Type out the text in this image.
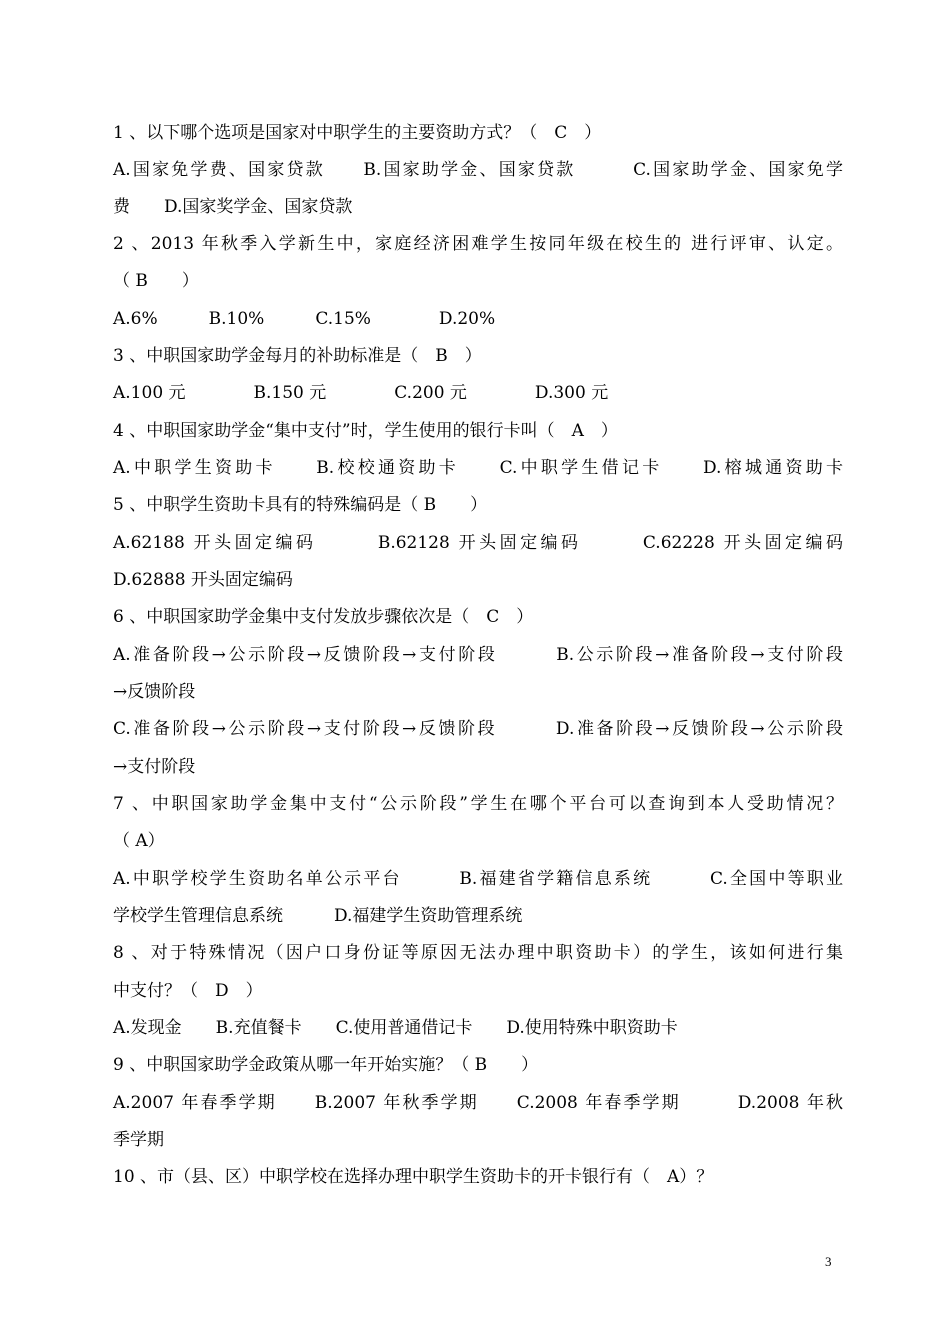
1 、以下哪个选项是国家对中职学生的主要资助方式？（　C　）
A.国家免学费、国家贷款　　B.国家助学金、国家贷款　　　C.国家助学金、国家免学
费　　D.国家奖学金、国家贷款
2 、2013 年秋季入学新生中，家庭经济困难学生按同年级在校生的 进行评审、认定。
（ B　　）
A.6%　　　B.10%　　　C.15%　　　　D.20%
3 、中职国家助学金每月的补助标准是（　B　）
A.100 元　　　　B.150 元　　　　C.200 元　　　　D.300 元
4 、中职国家助学金“集中支付”时，学生使用的银行卡叫（　A　）
A.中职学生资助卡　　B.校校通资助卡　　C.中职学生借记卡　　D.榕城通资助卡
5 、中职学生资助卡具有的特殊编码是（ B　　）
A.62188 开头固定编码　　　B.62128 开头固定编码　　　C.62228 开头固定编码
D.62888 开头固定编码
6 、中职国家助学金集中支付发放步骤依次是（　C　）
A.准备阶段→公示阶段→反馈阶段→支付阶段　　　B.公示阶段→准备阶段→支付阶段
→反馈阶段
C.准备阶段→公示阶段→支付阶段→反馈阶段　　　D.准备阶段→反馈阶段→公示阶段
→支付阶段
7 、中职国家助学金集中支付“公示阶段”学生在哪个平台可以查询到本人受助情况？
（ A）
A.中职学校学生资助名单公示平台　　　B.福建省学籍信息系统　　　C.全国中等职业
学校学生管理信息系统　　　D.福建学生资助管理系统
8 、对于特殊情况（因户口身份证等原因无法办理中职资助卡）的学生，该如何进行集
中支付？（　D　）
A.发现金　　B.充值餐卡　　C.使用普通借记卡　　D.使用特殊中职资助卡
9 、中职国家助学金政策从哪一年开始实施？（ B　　）
A.2007 年春季学期　　B.2007 年秋季学期　　C.2008 年春季学期　　　D.2008 年秋
季学期
10 、市（县、区）中职学校在选择办理中职学生资助卡的开卡银行有（　A）？
3
